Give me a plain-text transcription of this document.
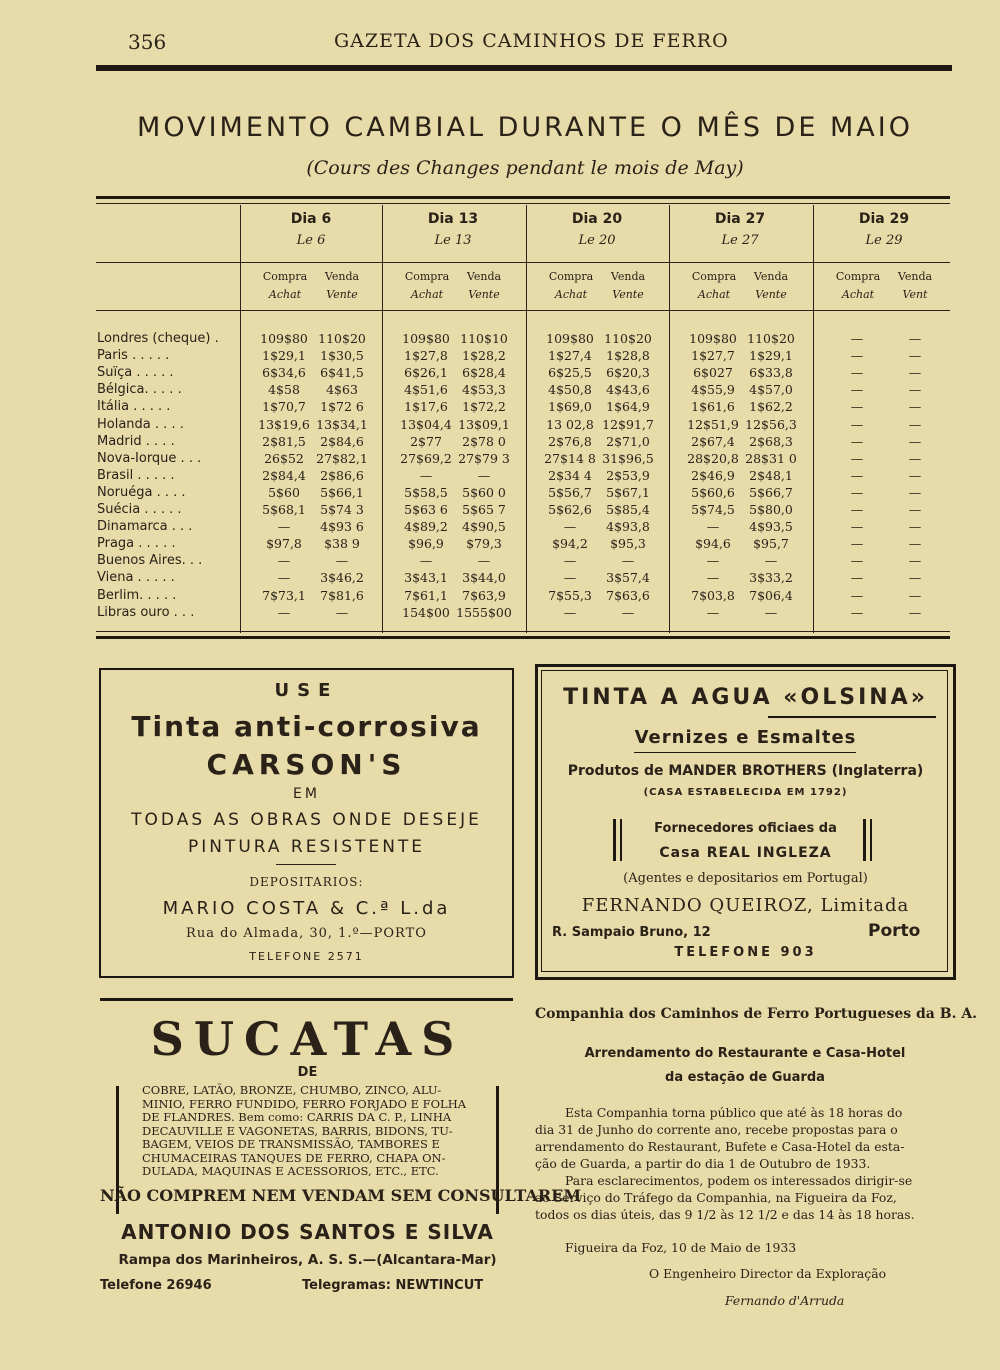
356	GAZETA DOS CAMINHOS DE FERRO
MOVIMENTO CAMBIAL DURANTE O MÊS DE MAIO
(Cours des Changes pendant le mois de May)
Dia 6
Le 6
Compra	Venda
Achat	Vente
Dia 13
Le 13
Compra	Venda
Achat	Vente
Dia 20
Le 20
Compra	Venda
Achat	Vente
Dia 27
Le 27
Compra	Venda
Achat	Vente
Dia 29
Le 29
Compra	Venda
Achat	Vent
Londres (cheque) .	109$80 110$20	109$80 110$10	109$80 110$20	109$80 110$20	—	—
Paris . . . . .	1$29,1	1$30,5	1$27,8	1$28,2	1$27,4	1$28,8	1$27,7	1$29,1	—	—
Suïça . . . . .	6$34,6	6$41,5	6$26,1	6$28,4	6$25,5	6$20,3	6$027	6$33,8	—	—
Bélgica. . . . .	4$58	4$63	4$51,6	4$53,3	4$50,8	4$43,6	4$55,9	4$57,0	—	—
Itália . . . . .	1$70,7	1$72 6	1$17,6	1$72,2	1$69,0	1$64,9	1$61,6	1$62,2	—	—
Holanda . . . .	13$19,6 13$34,1	13$04,4 13$09,1	13 02,8 12$91,7	12$51,9 12$56,3	—	—
Madrid . . . .	2$81,5	2$84,6	2$77	2$78 0	2$76,8	2$71,0	2$67,4	2$68,3	—	—
Nova-Iorque . . .	26$52 27$82,1	27$69,2 27$79 3	27$14 8 31$96,5	28$20,8 28$31 0	—	—
Brasil . . . . .	2$84,4	2$86,6	—	—	2$34 4	2$53,9	2$46,9	2$48,1	—	—
Noruéga . . . .	5$60	5$66,1	5$58,5	5$60 0	5$56,7	5$67,1	5$60,6	5$66,7	—	—
Suécia . . . . .	5$68,1	5$74 3	5$63 6	5$65 7	5$62,6	5$85,4	5$74,5	5$80,0	—	—
Dinamarca . . .	—	4$93 6	4$89,2	4$90,5	—	4$93,8	—	4$93,5	—	—
Praga . . . . .	$97,8	$38 9	$96,9	$79,3	$94,2	$95,3	$94,6	$95,7	—	—
Buenos Aires. . .	—	—	—	—	—	—	—	—	—	—
Viena . . . . .	—	3$46,2	3$43,1	3$44,0	—	3$57,4	—	3$33,2	—	—
Berlim. . . . .	7$73,1	7$81,6	7$61,1	7$63,9	7$55,3	7$63,6	7$03,8	7$06,4	—	—
Libras ouro . . .	—	—	154$00 1555$00	—	—	—	—	—	—
USE
Tinta anti-corrosiva
CARSON'S
EM
TODAS AS OBRAS ONDE DESEJE
PINTURA RESISTENTE
DEPOSITARIOS:
MARIO COSTA & C.ª L.da
Rua do Almada, 30, 1.º—PORTO
TELEFONE 2571
TINTA A AGUA «OLSINA»
Vernizes e Esmaltes
Produtos de MANDER BROTHERS (Inglaterra)
(CASA ESTABELECIDA EM 1792)
Fornecedores oficiaes da
Casa REAL INGLEZA
(Agentes e depositarios em Portugal)
FERNANDO QUEIROZ, Limitada
R. Sampaio Bruno, 12	Porto
TELEFONE 903
SUCATAS
DE
COBRE, LATÃO, BRONZE, CHUMBO, ZINCO, ALU-
MINIO, FERRO FUNDIDO, FERRO FORJADO E FOLHA
DE FLANDRES. Bem como: CARRIS DA C. P., LINHA
DECAUVILLE E VAGONETAS, BARRIS, BIDONS, TU-
BAGEM, VEIOS DE TRANSMISSÃO, TAMBORES E
CHUMACEIRAS TANQUES DE FERRO, CHAPA ON-
DULADA, MAQUINAS E ACESSORIOS, ETC., ETC.
NÃO COMPREM NEM VENDAM SEM CONSULTAREM
ANTONIO DOS SANTOS E SILVA
Rampa dos Marinheiros, A. S. S.—(Alcantara-Mar)
Telefone 26946	Telegramas: NEWTINCUT
Companhia dos Caminhos de Ferro Portugueses da B. A.
Arrendamento do Restaurante e Casa-Hotel
da estação de Guarda
Esta Companhia torna público que até às 18 horas do
dia 31 de Junho do corrente ano, recebe propostas para o
arrendamento do Restaurant, Bufete e Casa-Hotel da esta-
ção de Guarda, a partir do dia 1 de Outubro de 1933.
Para esclarecimentos, podem os interessados dirigir-se
ao Serviço do Tráfego da Companhia, na Figueira da Foz,
todos os dias úteis, das 9 1/2 às 12 1/2 e das 14 às 18 horas.
Figueira da Foz, 10 de Maio de 1933
O Engenheiro Director da Exploração
Fernando d'Arruda
